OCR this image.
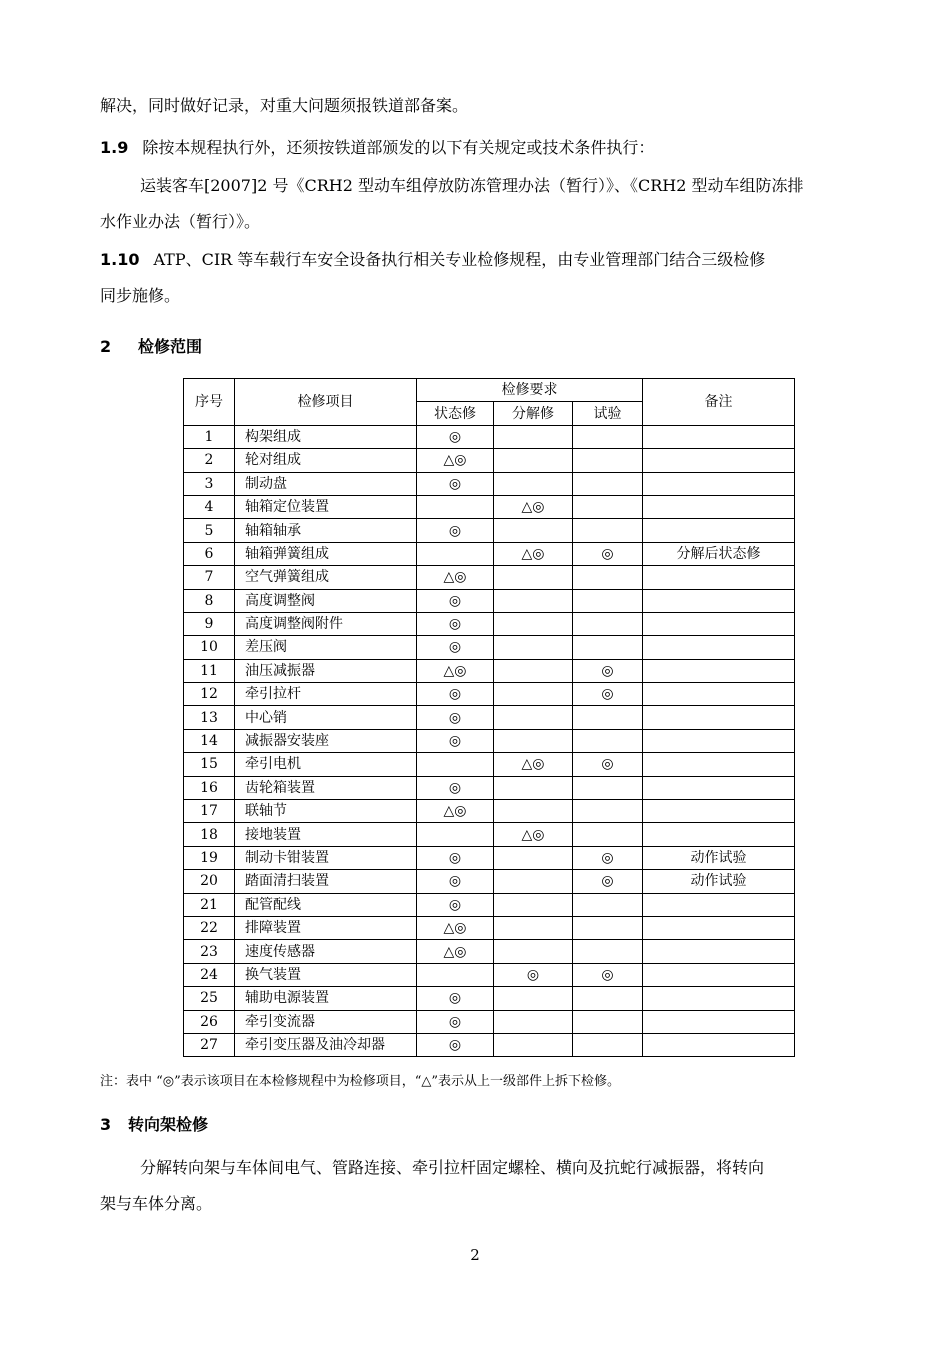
解决，同时做好记录，对重大问题须报铁道部备案。
1.9 除按本规程执行外，还须按铁道部颁发的以下有关规定或技术条件执行：
运装客车[2007]2 号《CRH2 型动车组停放防冻管理办法（暂行）》、《CRH2 型动车组防冻排
水作业办法（暂行）》。
1.10 ATP、CIR 等车载行车安全设备执行相关专业检修规程，由专业管理部门结合三级检修
同步施修。
2 检修范围
序号	检修项目	检修要求			备注
		状态修	分解修	试验	
1	构架组成	◎			
2	轮对组成	△◎			
3	制动盘	◎			
4	轴箱定位装置		△◎		
5	轴箱轴承	◎			
6	轴箱弹簧组成		△◎	◎	分解后状态修
7	空气弹簧组成	△◎			
8	高度调整阀	◎			
9	高度调整阀附件	◎			
10	差压阀	◎			
11	油压减振器	△◎		◎	
12	牵引拉杆	◎		◎	
13	中心销	◎			
14	减振器安装座	◎			
15	牵引电机		△◎	◎	
16	齿轮箱装置	◎			
17	联轴节	△◎			
18	接地装置		△◎		
19	制动卡钳装置	◎		◎	动作试验
20	踏面清扫装置	◎		◎	动作试验
21	配管配线	◎			
22	排障装置	△◎			
23	速度传感器	△◎			
24	换气装置		◎	◎	
25	辅助电源装置	◎			
26	牵引变流器	◎			
27	牵引变压器及油冷却器	◎			
注：表中 “◎”表示该项目在本检修规程中为检修项目，“△”表示从上一级部件上拆下检修。
3 转向架检修
分解转向架与车体间电气、管路连接、牵引拉杆固定螺栓、横向及抗蛇行减振器，将转向
架与车体分离。
2
